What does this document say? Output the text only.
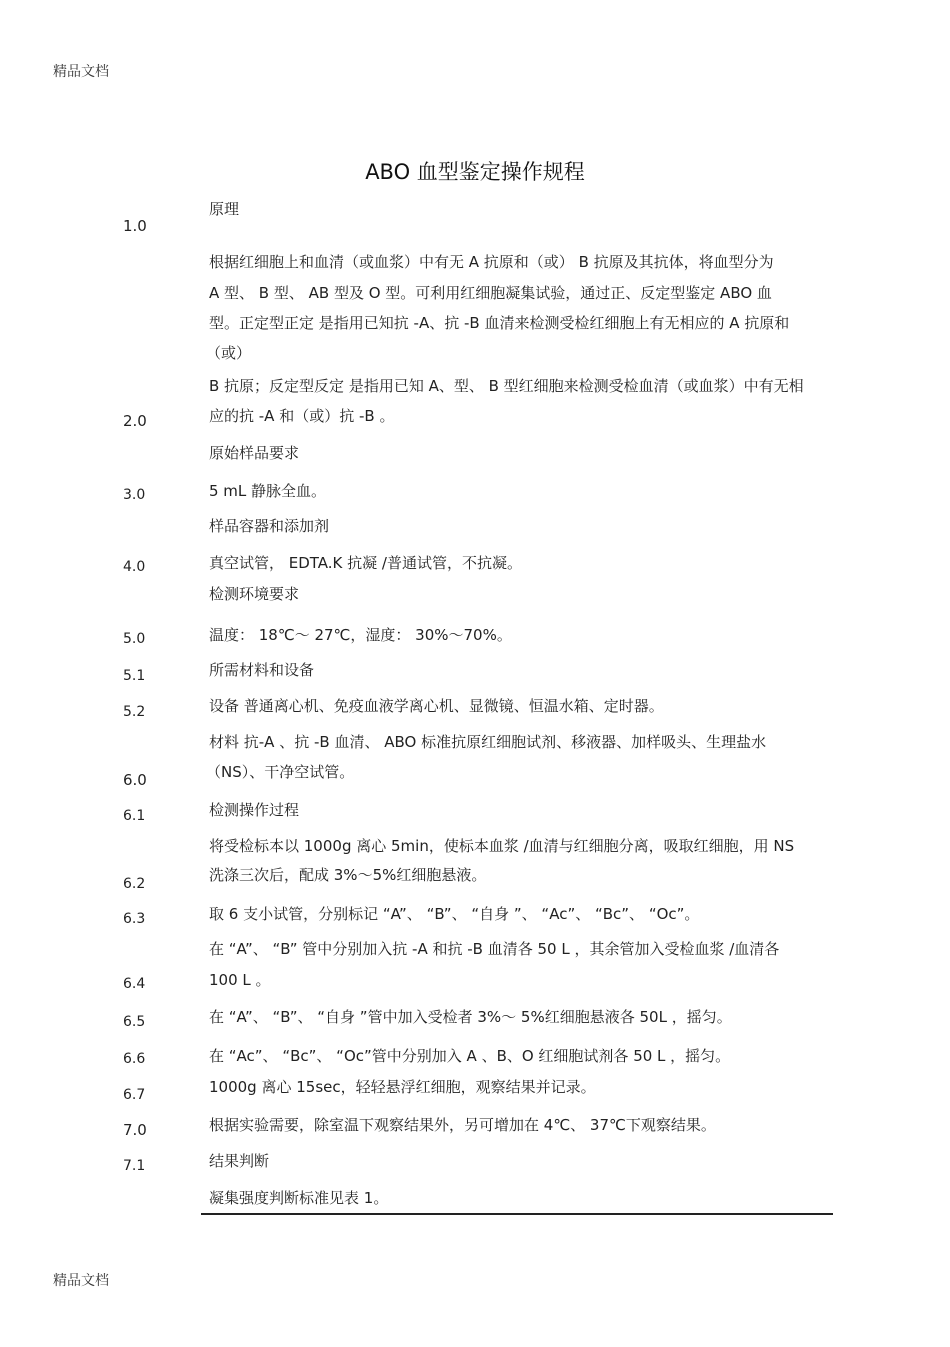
精品文档
ABO 血型鉴定操作规程
1.0
2.0
3.0
4.0
5.0
5.1
5.2
6.0
6.1
6.2
6.3
6.4
6.5
6.6
6.7
7.0
7.1
原理
根据红细胞上和血清（或血浆）中有无 A 抗原和（或） B 抗原及其抗体，将血型分为
A 型、 B 型、 AB 型及 O 型。可利用红细胞凝集试验，通过正、反定型鉴定 ABO 血
型。正定型正定 是指用已知抗 -A、抗 -B 血清来检测受检红细胞上有无相应的 A 抗原和
（或）
B 抗原；反定型反定 是指用已知 A、型、 B 型红细胞来检测受检血清（或血浆）中有无相
应的抗 -A 和（或）抗 -B 。
原始样品要求
5 mL 静脉全血。
样品容器和添加剂
真空试管， EDTA.K 抗凝 /普通试管，不抗凝。
检测环境要求
温度： 18℃～ 27℃，湿度： 30%～70%。
所需材料和设备
设备 普通离心机、免疫血液学离心机、显微镜、恒温水箱、定时器。
材料 抗-A 、抗 -B 血清、 ABO 标准抗原红细胞试剂、移液器、加样吸头、生理盐水
（NS）、干净空试管。
检测操作过程
将受检标本以 1000g 离心 5min，使标本血浆 /血清与红细胞分离，吸取红细胞，用 NS
洗涤三次后，配成 3%～5%红细胞悬液。
取 6 支小试管，分别标记 “A”、 “B”、 “自身 ”、 “Ac”、 “Bc”、 “Oc”。
在 “A”、 “B” 管中分别加入抗 -A 和抗 -B 血清各 50 L ，其余管加入受检血浆 /血清各
100 L 。
在 “A”、 “B”、 “自身 ”管中加入受检者 3%～ 5%红细胞悬液各 50L ，摇匀。
在 “Ac”、 “Bc”、 “Oc”管中分别加入 A 、B、O 红细胞试剂各 50 L ，摇匀。
1000g 离心 15sec，轻轻悬浮红细胞，观察结果并记录。
根据实验需要，除室温下观察结果外，另可增加在 4℃、 37℃下观察结果。
结果判断
凝集强度判断标准见表 1。
精品文档
